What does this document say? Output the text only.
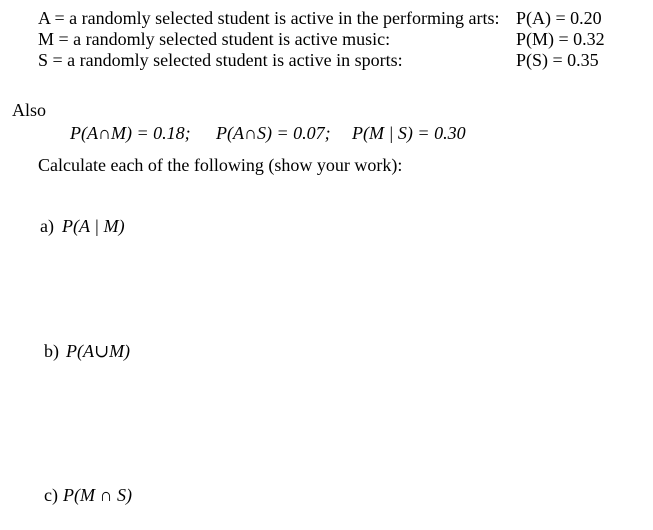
A = a randomly selected student is active in the performing arts: P(A) = 0.20
M = a randomly selected student is active music:	P(M) = 0.32
S = a randomly selected student is active in sports:	P(S) = 0.35
Also
P(A∩M) = 0.18; P(A∩S) = 0.07; P(M | S) = 0.30
Calculate each of the following (show your work):
a) P(A | M)
b) P(A∪M)
c) P(M ∩ S)
